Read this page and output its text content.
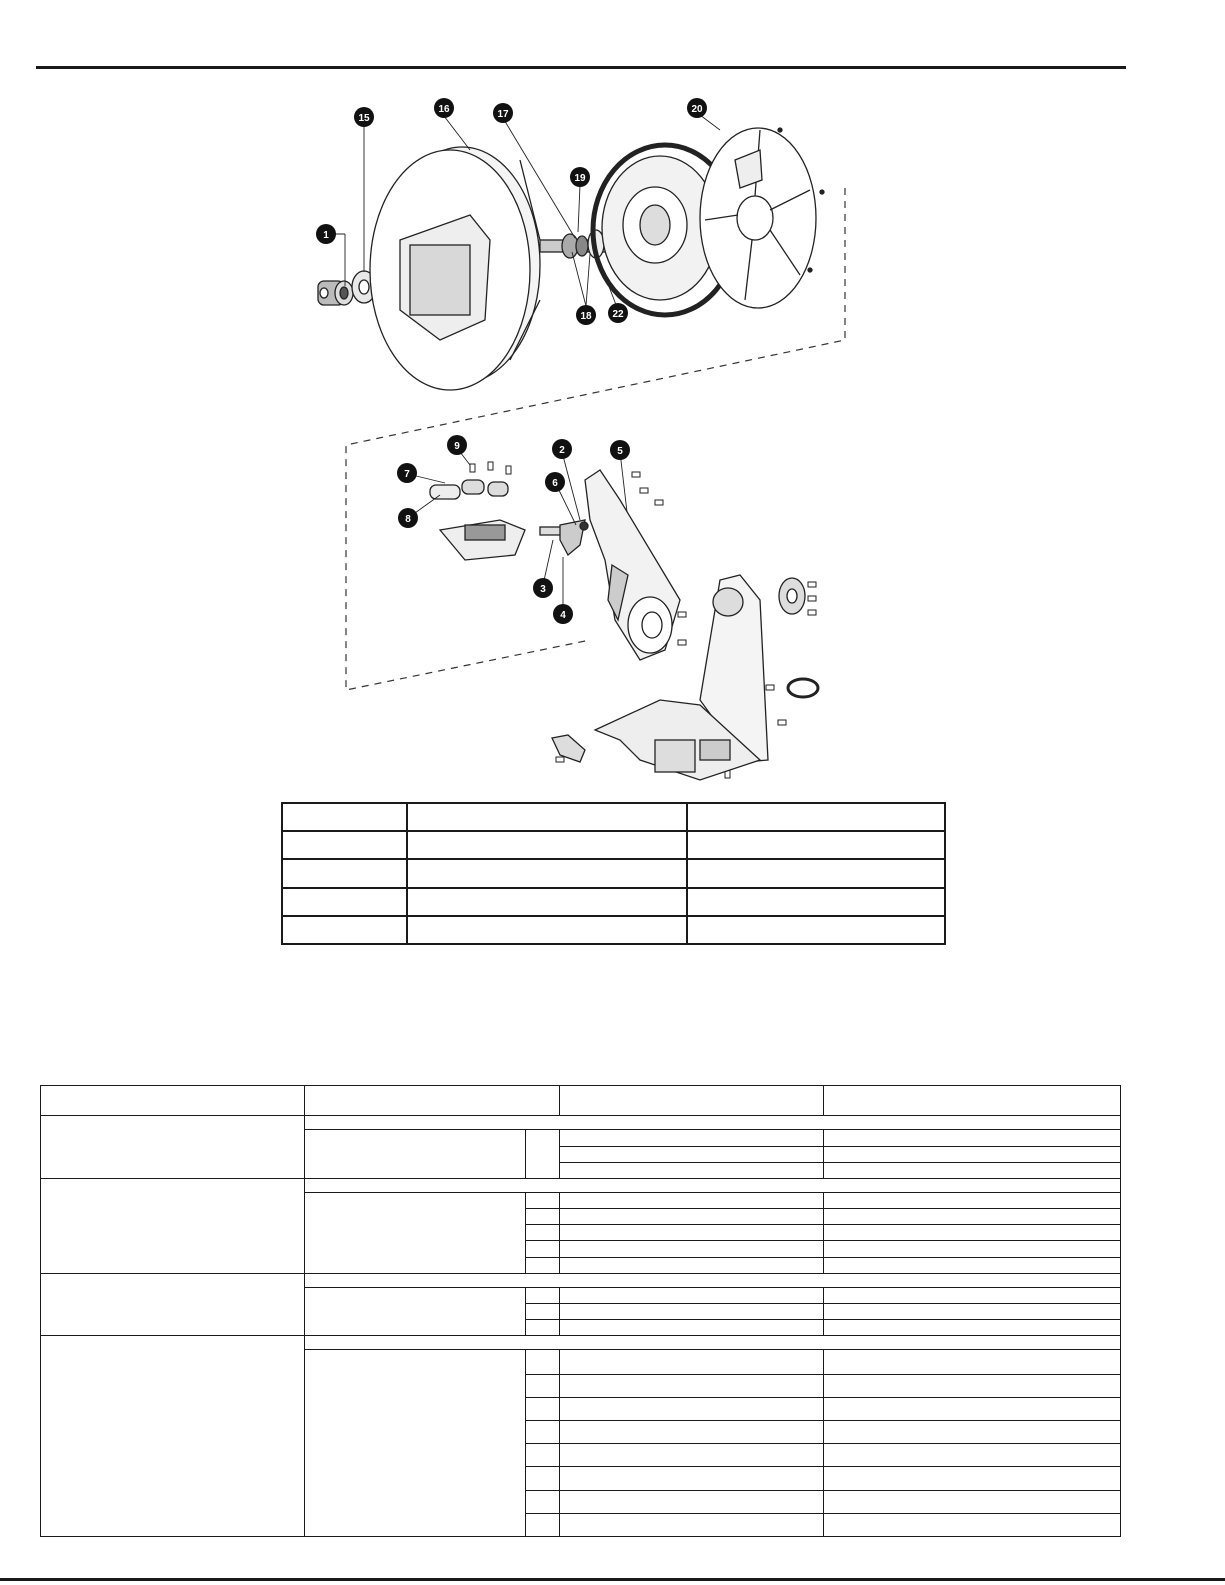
1
15
16	17
19
20
18 22
9
7
8
2
6
5
3
4
